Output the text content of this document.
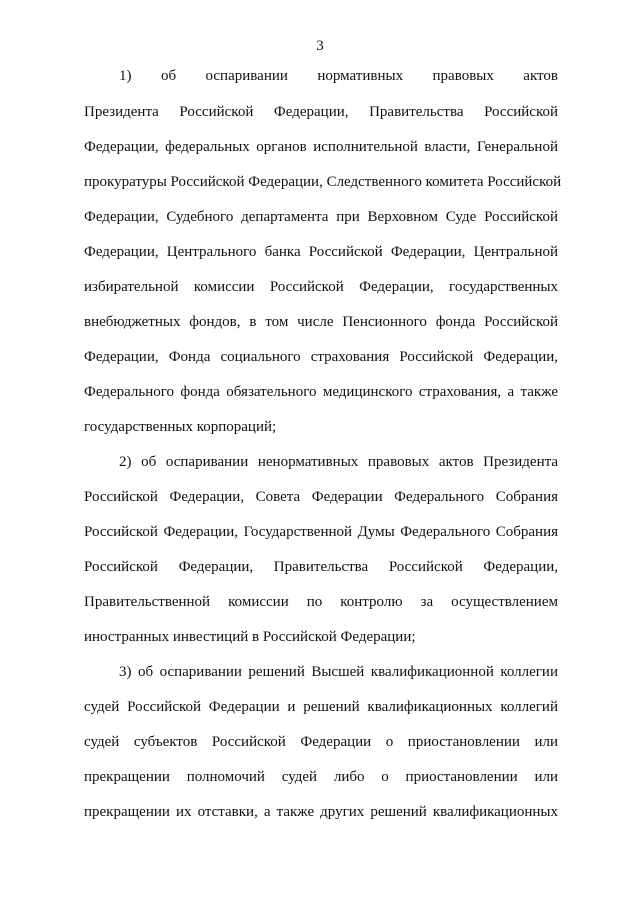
3
1) об оспаривании нормативных правовых актов
Президента Российской Федерации, Правительства Российской
Федерации, федеральных органов исполнительной власти, Генеральной
прокуратуры Российской Федерации, Следственного комитета Российской
Федерации, Судебного департамента при Верховном Суде Российской
Федерации, Центрального банка Российской Федерации, Центральной
избирательной комиссии Российской Федерации, государственных
внебюджетных фондов, в том числе Пенсионного фонда Российской
Федерации, Фонда социального страхования Российской Федерации,
Федерального фонда обязательного медицинского страхования, а также
государственных корпораций;
2) об оспаривании ненормативных правовых актов Президента
Российской Федерации, Совета Федерации Федерального Собрания
Российской Федерации, Государственной Думы Федерального Собрания
Российской Федерации, Правительства Российской Федерации,
Правительственной комиссии по контролю за осуществлением
иностранных инвестиций в Российской Федерации;
3) об оспаривании решений Высшей квалификационной коллегии
судей Российской Федерации и решений квалификационных коллегий
судей субъектов Российской Федерации о приостановлении или
прекращении полномочий судей либо о приостановлении или
прекращении их отставки, а также других решений квалификационных
